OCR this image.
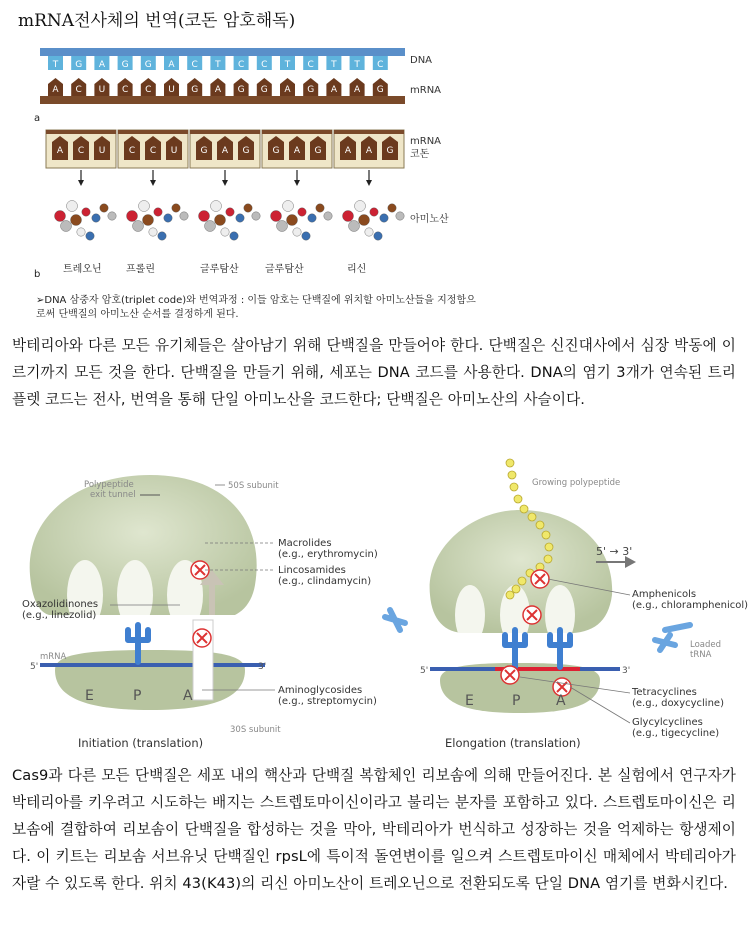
mRNA전사체의 번역(코돈 암호해독)
T G A G G A C T C C T C T T C
A C U C C U G A G G A G A A G
DNA
mRNA
a
A C U	C C U	G A G	G A G	A A G
mRNA
코돈
아미노산
b 트레오닌 프롤린	글루탐산	글루탐산	리신
➢DNA 삼중자 암호(triplet code)와 번역과정 : 이들 암호는 단백질에 위치할 아미노산들을 지정함으로써 단백질의 아미노산 순서를 결정하게 된다.
박테리아와 다른 모든 유기체들은 살아남기 위해 단백질을 만들어야 한다. 단백질은 신진대사에서 심장 박동에 이르기까지 모든 것을 한다. 단백질을 만들기 위해, 세포는 DNA 코드를 사용한다. DNA의 염기 3개가 연속된 트리플렛 코드는 전사, 번역을 통해 단일 아미노산을 코드한다; 단백질은 아미노산의 사슬이다.
Polypeptide
exit tunnel
50S subunit
30S subunit
mRNA
5'	3'
E	P	A
Macrolides
(e.g., erythromycin)
Lincosamides
(e.g., clindamycin)
Oxazolidinones
(e.g., linezolid)
Aminoglycosides
(e.g., streptomycin)
Growing polypeptide
5' → 3'
Amphenicols
(e.g., chloramphenicol)
Loaded
tRNA
Tetracyclines
(e.g., doxycycline)
Glycylcyclines
(e.g., tigecycline)
5'	3'
E	P	A
Initiation (translation)	Elongation (translation)
Cas9과 다른 모든 단백질은 세포 내의 핵산과 단백질 복합체인 리보솜에 의해 만들어진다. 본 실험에서 연구자가 박테리아를 키우려고 시도하는 배지는 스트렙토마이신이라고 불리는 분자를 포함하고 있다. 스트렙토마이신은 리보솜에 결합하여 리보솜이 단백질을 합성하는 것을 막아, 박테리아가 번식하고 성장하는 것을 억제하는 항생제이다. 이 키트는 리보솜 서브유닛 단백질인 rpsL에 특이적 돌연변이를 일으켜 스트렙토마이신 매체에서 박테리아가 자랄 수 있도록 한다. 위치 43(K43)의 리신 아미노산이 트레오닌으로 전환되도록 단일 DNA 염기를 변화시킨다.
